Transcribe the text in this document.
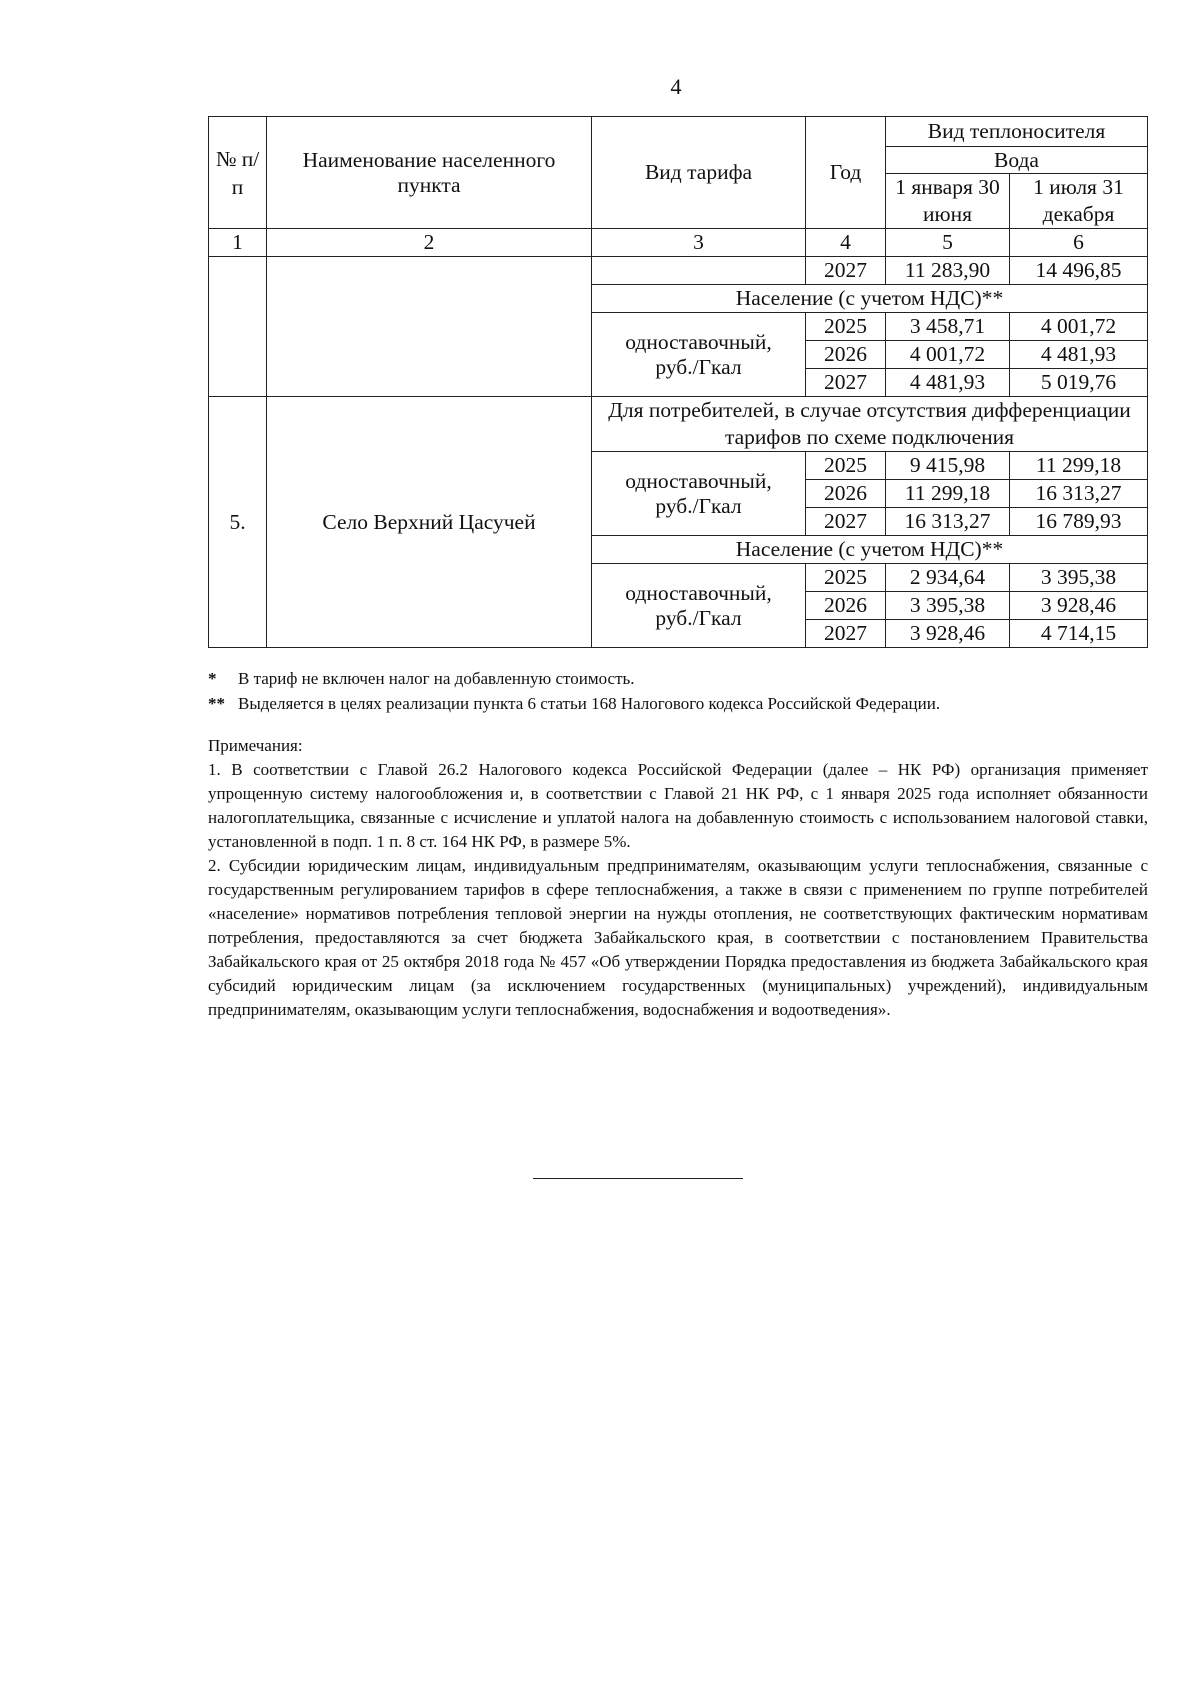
4
№ п/п	Наименование населенного пункта	Вид тарифа	Год	Вид теплоносителя	
				Вода	
				1 января 30 июня	1 июля 31 декабря
1	2	3	4	5	6
			2027	11 283,90	14 496,85
		Население (с учетом НДС)**			
		одноставочный, руб./Гкал	2025	3 458,71	4 001,72
			2026	4 001,72	4 481,93
			2027	4 481,93	5 019,76
5.	Село Верхний Цасучей	Для потребителей, в случае отсутствия дифференциации тарифов по схеме подключения			
		одноставочный, руб./Гкал	2025	9 415,98	11 299,18
			2026	11 299,18	16 313,27
			2027	16 313,27	16 789,93
		Население (с учетом НДС)**			
		одноставочный, руб./Гкал	2025	2 934,64	3 395,38
			2026	3 395,38	3 928,46
			2027	3 928,46	4 714,15
*	В тариф не включен налог на добавленную стоимость.
** Выделяется в целях реализации пункта 6 статьи 168 Налогового кодекса Российской Федерации.

Примечания:

1. В соответствии с Главой 26.2 Налогового кодекса Российской Федерации (далее – НК РФ) организация применяет упрощенную систему налогообложения и, в соответствии с Главой 21 НК РФ, с 1 января 2025 года исполняет обязанности налогоплательщика, связанные с исчисление и уплатой налога на добавленную стоимость с использованием налоговой ставки, установленной в подп. 1 п. 8 ст. 164 НК РФ, в размере 5%.

2. Субсидии юридическим лицам, индивидуальным предпринимателям, оказывающим услуги теплоснабжения, связанные с государственным регулированием тарифов в сфере теплоснабжения, а также в связи с применением по группе потребителей «население» нормативов потребления тепловой энергии на нужды отопления, не соответствующих фактическим нормативам потребления, предоставляются за счет бюджета Забайкальского края, в соответствии с постановлением Правительства Забайкальского края от 25 октября 2018 года № 457 «Об утверждении Порядка предоставления из бюджета Забайкальского края субсидий юридическим лицам (за исключением государственных (муниципальных) учреждений), индивидуальным предпринимателям, оказывающим услуги теплоснабжения, водоснабжения и водоотведения».
